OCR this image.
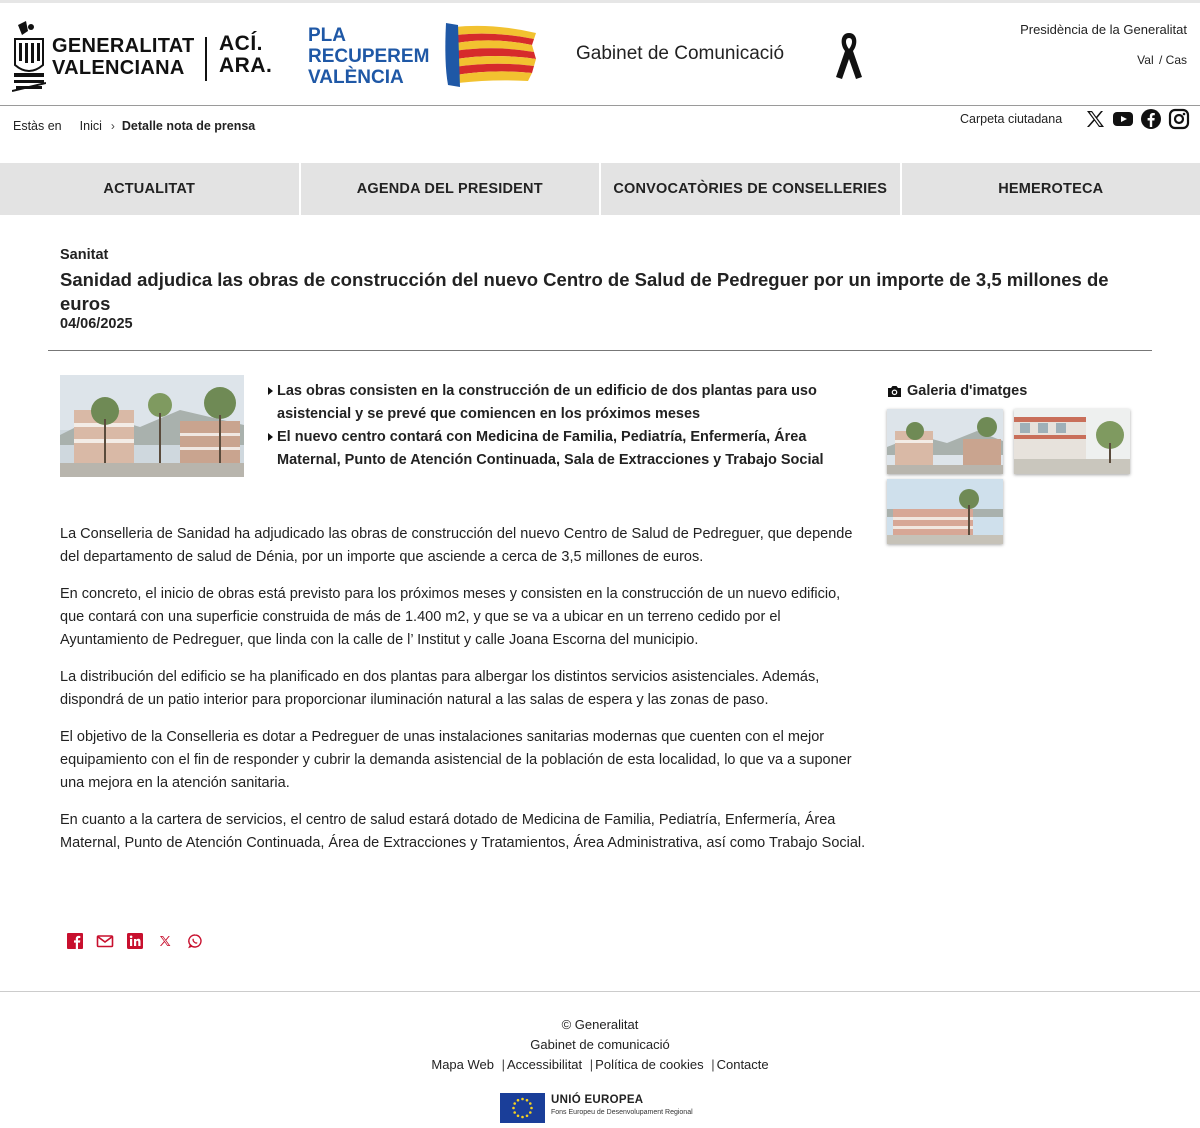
GENERALITAT
VALENCIANA
ACÍ.
ARA.
PLA
RECUPEREM
VALÈNCIA
Gabinet de Comunicació
Presidència de la Generalitat
Val / Cas
Estàs en Inici › Detalle nota de prensa	Carpeta ciutadana
ACTUALITAT	AGENDA DEL PRESIDENT	CONVOCATÒRIES DE CONSELLERIES	HEMEROTECA
Sanitat
Sanidad adjudica las obras de construcción del nuevo Centro de Salud de Pedreguer por un importe de 3,5 millones de euros
04/06/2025
Las obras consisten en la construcción de un edificio de dos plantas para uso asistencial y se prevé que comiencen en los próximos meses
El nuevo centro contará con Medicina de Familia, Pediatría, Enfermería, Área Maternal, Punto de Atención Continuada, Sala de Extracciones y Trabajo Social
Galeria d'imatges

La Conselleria de Sanidad ha adjudicado las obras de construcción del nuevo Centro de Salud de Pedreguer, que depende del departamento de salud de Dénia, por un importe que asciende a cerca de 3,5 millones de euros.

En concreto, el inicio de obras está previsto para los próximos meses y consisten en la construcción de un nuevo edificio, que contará con una superficie construida de más de 1.400 m2, y que se va a ubicar en un terreno cedido por el Ayuntamiento de Pedreguer, que linda con la calle de l’ Institut y calle Joana Escorna del municipio.

La distribución del edificio se ha planificado en dos plantas para albergar los distintos servicios asistenciales. Además, dispondrá de un patio interior para proporcionar iluminación natural a las salas de espera y las zonas de paso.

El objetivo de la Conselleria es dotar a Pedreguer de unas instalaciones sanitarias modernas que cuenten con el mejor equipamiento con el fin de responder y cubrir la demanda asistencial de la población de esta localidad, lo que va a suponer una mejora en la atención sanitaria.

En cuanto a la cartera de servicios, el centro de salud estará dotado de Medicina de Familia, Pediatría, Enfermería, Área Maternal, Punto de Atención Continuada, Área de Extracciones y Tratamientos, Área Administrativa, así como Trabajo Social.

© Generalitat
Gabinet de comunicació
Mapa Web | Accessibilitat | Política de cookies | Contacte
UNIÓ EUROPEA
Fons Europeu de Desenvolupament Regional
